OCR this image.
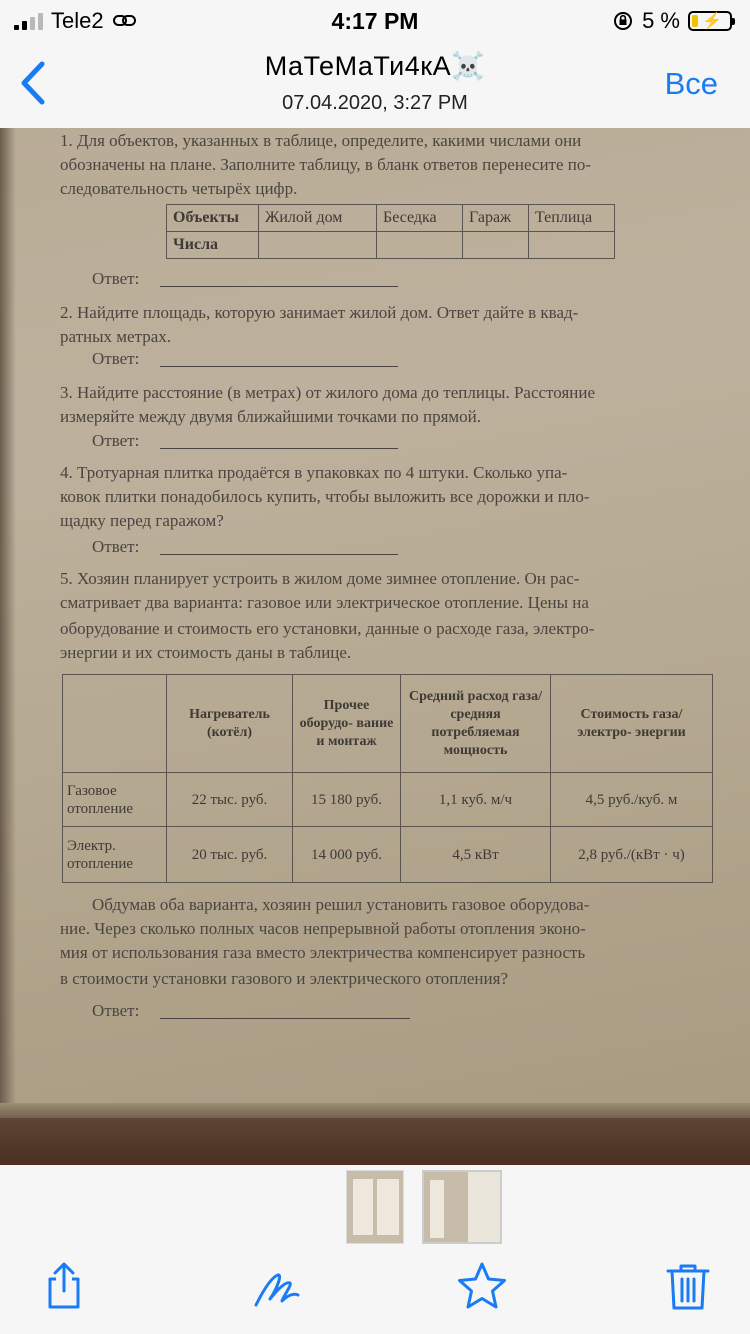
Tele2	4:17 PM	5 % ⚡
МаТеМаТи4кА☠️
07.04.2020, 3:27 PM
Все
1. Для объектов, указанных в таблице, определите, какими числами они
обозначены на плане. Заполните таблицу, в бланк ответов перенесите по-
следовательность четырёх цифр.
Объекты	Жилой дом	Беседка	Гараж	Теплица
Числа				
Ответ:
2. Найдите площадь, которую занимает жилой дом. Ответ дайте в квад-
ратных метрах.
Ответ:
3. Найдите расстояние (в метрах) от жилого дома до теплицы. Расстояние
измеряйте между двумя ближайшими точками по прямой.
Ответ:
4. Тротуарная плитка продаётся в упаковках по 4 штуки. Сколько упа-
ковок плитки понадобилось купить, чтобы выложить все дорожки и пло-
щадку перед гаражом?
Ответ:
5. Хозяин планирует устроить в жилом доме зимнее отопление. Он рас-
сматривает два варианта: газовое или электрическое отопление. Цены на
оборудование и стоимость его установки, данные о расходе газа, электро-
энергии и их стоимость даны в таблице.
	Нагреватель (котёл)	Прочее оборудо- вание и монтаж	Средний расход газа/средняя потребляемая мощность	Стоимость газа/электро- энергии
Газовое отопление	22 тыс. руб.	15 180 руб.	1,1 куб. м/ч	4,5 руб./куб. м
Электр. отопление	20 тыс. руб.	14 000 руб.	4,5 кВт	2,8 руб./(кВт · ч)
Обдумав оба варианта, хозяин решил установить газовое оборудова-
ние. Через сколько полных часов непрерывной работы отопления эконо-
мия от использования газа вместо электричества компенсирует разность
в стоимости установки газового и электрического отопления?
Ответ:
